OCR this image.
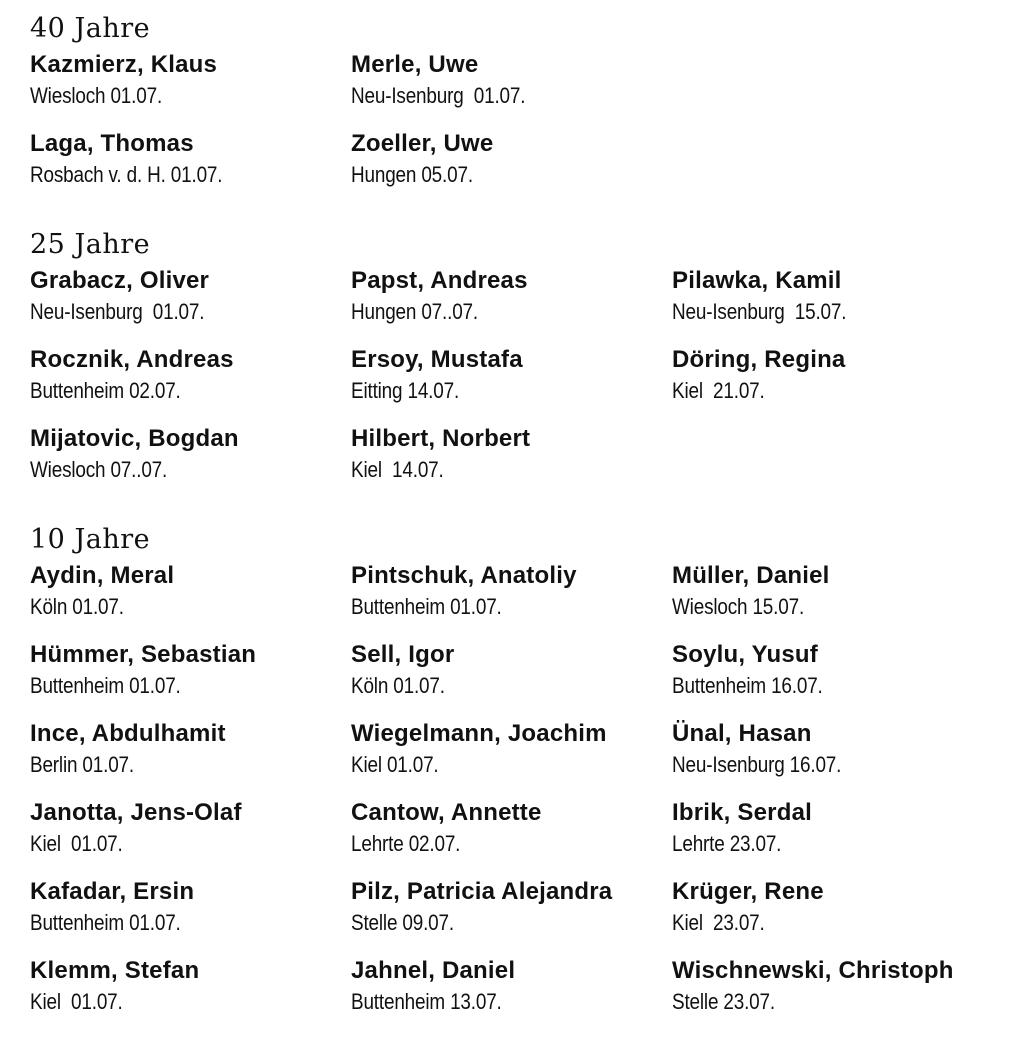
40 Jahre
Kazmierz, Klaus
Wiesloch 01.07.
Merle, Uwe
Neu-Isenburg  01.07.
Laga, Thomas
Rosbach v. d. H. 01.07.
Zoeller, Uwe
Hungen 05.07.
25 Jahre
Grabacz, Oliver
Neu-Isenburg  01.07.
Papst, Andreas
Hungen 07..07.
Pilawka, Kamil
Neu-Isenburg  15.07.
Rocznik, Andreas
Buttenheim 02.07.
Ersoy, Mustafa
Eitting 14.07.
Döring, Regina
Kiel  21.07.
Mijatovic, Bogdan
Wiesloch 07..07.
Hilbert, Norbert
Kiel  14.07.
10 Jahre
Aydin, Meral
Köln 01.07.
Pintschuk, Anatoliy
Buttenheim 01.07.
Müller, Daniel
Wiesloch 15.07.
Hümmer, Sebastian
Buttenheim 01.07.
Sell, Igor
Köln 01.07.
Soylu, Yusuf
Buttenheim 16.07.
Ince, Abdulhamit
Berlin 01.07.
Wiegelmann, Joachim
Kiel 01.07.
Ünal, Hasan
Neu-Isenburg 16.07.
Janotta, Jens-Olaf
Kiel  01.07.
Cantow, Annette
Lehrte 02.07.
Ibrik, Serdal
Lehrte 23.07.
Kafadar, Ersin
Buttenheim 01.07.
Pilz, Patricia Alejandra
Stelle 09.07.
Krüger, Rene
Kiel  23.07.
Klemm, Stefan
Kiel  01.07.
Jahnel, Daniel
Buttenheim 13.07.
Wischnewski, Christoph
Stelle 23.07.
